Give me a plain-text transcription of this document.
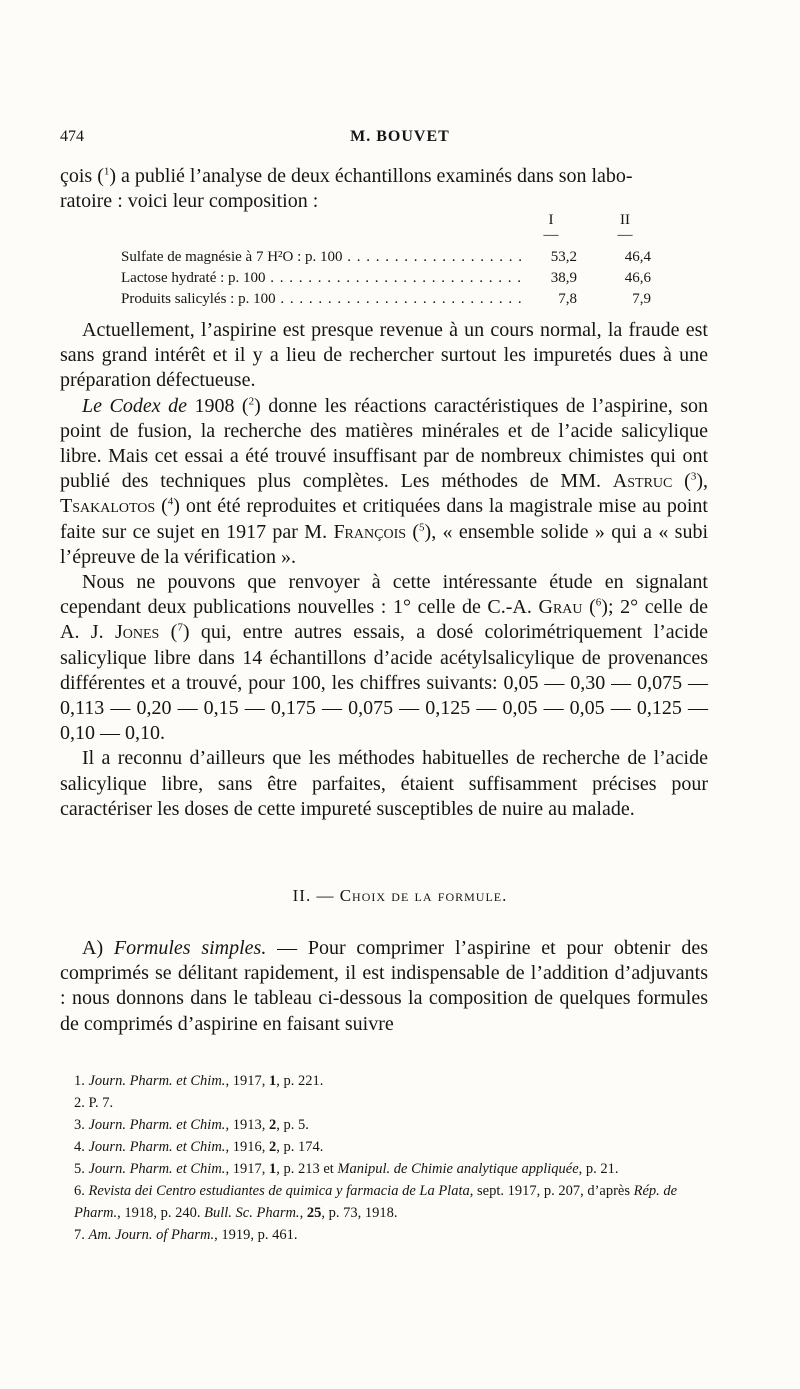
474	M. BOUVET

çois ($^1$) a publié l’analyse de deux échantillons examinés dans son labo-

ratoire : voici leur composition :

I	II
—	—
Sulfate de magnésie à 7 H²O : p. 100 . . .	53,2	46,4
Lactose hydraté : p. 100 . . .	38,9	46,6
Produits salicylés : p. 100 . . .	7,8	7,9

Actuellement, l’aspirine est presque revenue à un cours normal, la fraude est sans grand intérêt et il y a lieu de rechercher surtout les impuretés dues à une préparation défectueuse.

Le Codex de 1908 ($^2$) donne les réactions caractéristiques de l’aspirine, son point de fusion, la recherche des matières minérales et de l’acide salicylique libre. Mais cet essai a été trouvé insuffisant par de nombreux chimistes qui ont publié des techniques plus complètes. Les méthodes de MM. Astruc ($^3$), Tsakalotos ($^4$) ont été reproduites et critiquées dans la magistrale mise au point faite sur ce sujet en 1917 par M. François ($^5$), « ensemble solide » qui a « subi l’épreuve de la vérification ».

Nous ne pouvons que renvoyer à cette intéressante étude en signalant cependant deux publications nouvelles : 1° celle de C.-A. Grau ($^6$); 2° celle de A. J. Jones ($^7$) qui, entre autres essais, a dosé colorimétriquement l’acide salicylique libre dans 14 échantillons d’acide acétylsalicylique de provenances différentes et a trouvé, pour 100, les chiffres suivants: 0,05 — 0,30 — 0,075 — 0,113 — 0,20 — 0,15 — 0,175 — 0,075 — 0,125 — 0,05 — 0,05 — 0,125 — 0,10 — 0,10.

Il a reconnu d’ailleurs que les méthodes habituelles de recherche de l’acide salicylique libre, sans être parfaites, étaient suffisamment précises pour caractériser les doses de cette impureté susceptibles de nuire au malade.

II. — Choix de la formule.

A) Formules simples. — Pour comprimer l’aspirine et pour obtenir des comprimés se délitant rapidement, il est indispensable de l’addition d’adjuvants : nous donnons dans le tableau ci-dessous la composition de quelques formules de comprimés d’aspirine en faisant suivre

1. Journ. Pharm. et Chim., 1917, 1, p. 221.

2. P. 7.

3. Journ. Pharm. et Chim., 1913, 2, p. 5.

4. Journ. Pharm. et Chim., 1916, 2, p. 174.

5. Journ. Pharm. et Chim., 1917, 1, p. 213 et Manipul. de Chimie analytique appliquée, p. 21.

6. Revista dei Centro estudiantes de quimica y farmacia de La Plata, sept. 1917, p. 207, d’après Rép. de Pharm., 1918, p. 240. Bull. Sc. Pharm., 25, p. 73, 1918.

7. Am. Journ. of Pharm., 1919, p. 461.
